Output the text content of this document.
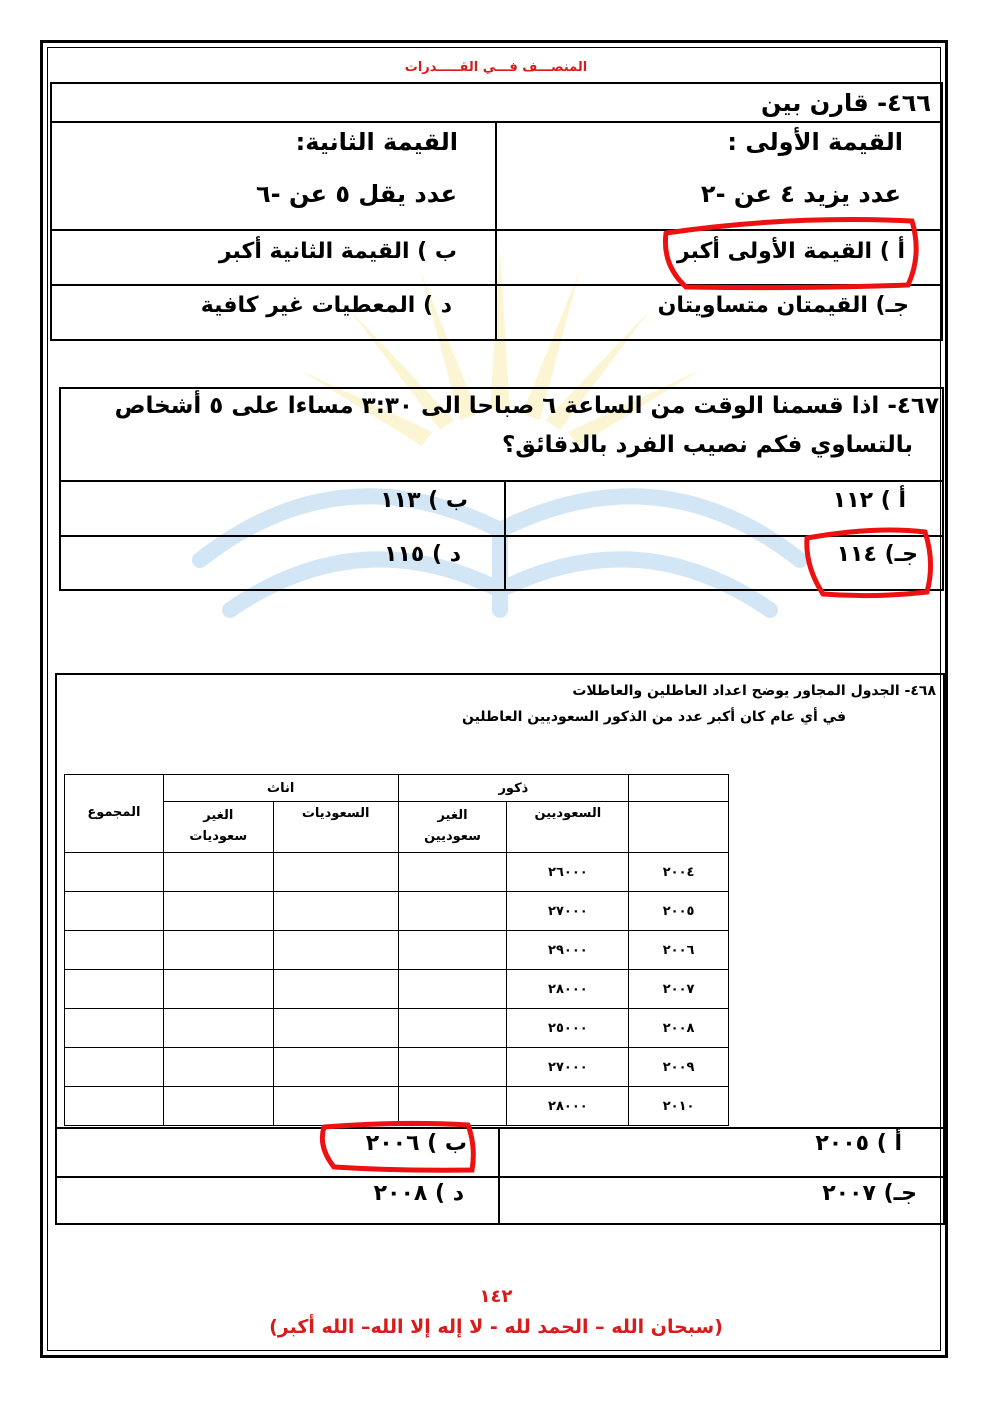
المنصـــف فـــي القـــــدرات
٤٦٦- قارن بين
القيمة الأولى :
عدد يزيد ٤ عن -٢
القيمة الثانية:
عدد يقل ٥ عن -٦
أ ) القيمة الأولى أكبر
ب ) القيمة الثانية أكبر
جـ) القيمتان متساويتان
د ) المعطيات غير كافية
٤٦٧- اذا قسمنا الوقت من الساعة ٦ صباحا الى ٣:٣٠ مساءا على ٥ أشخاص
بالتساوي فكم نصيب الفرد بالدقائق؟
أ ) ١١٢
ب ) ١١٣
جـ) ١١٤
د ) ١١٥
٤٦٨- الجدول المجاور يوضح اعداد العاطلين والعاطلات
في أي عام كان أكبر عدد من الذكور السعوديين العاطلين
المجموع	اناث		ذكور		
	الغير سعوديات	السعوديات	الغير سعوديين	السعوديين	
				٢٦٠٠٠	٢٠٠٤
				٢٧٠٠٠	٢٠٠٥
				٢٩٠٠٠	٢٠٠٦
				٢٨٠٠٠	٢٠٠٧
				٢٥٠٠٠	٢٠٠٨
				٢٧٠٠٠	٢٠٠٩
				٢٨٠٠٠	٢٠١٠
أ ) ٢٠٠٥
ب ) ٢٠٠٦
جـ) ٢٠٠٧
د ) ٢٠٠٨
١٤٢
(سبحان الله – الحمد لله - لا إله إلا الله– الله أكبر)
